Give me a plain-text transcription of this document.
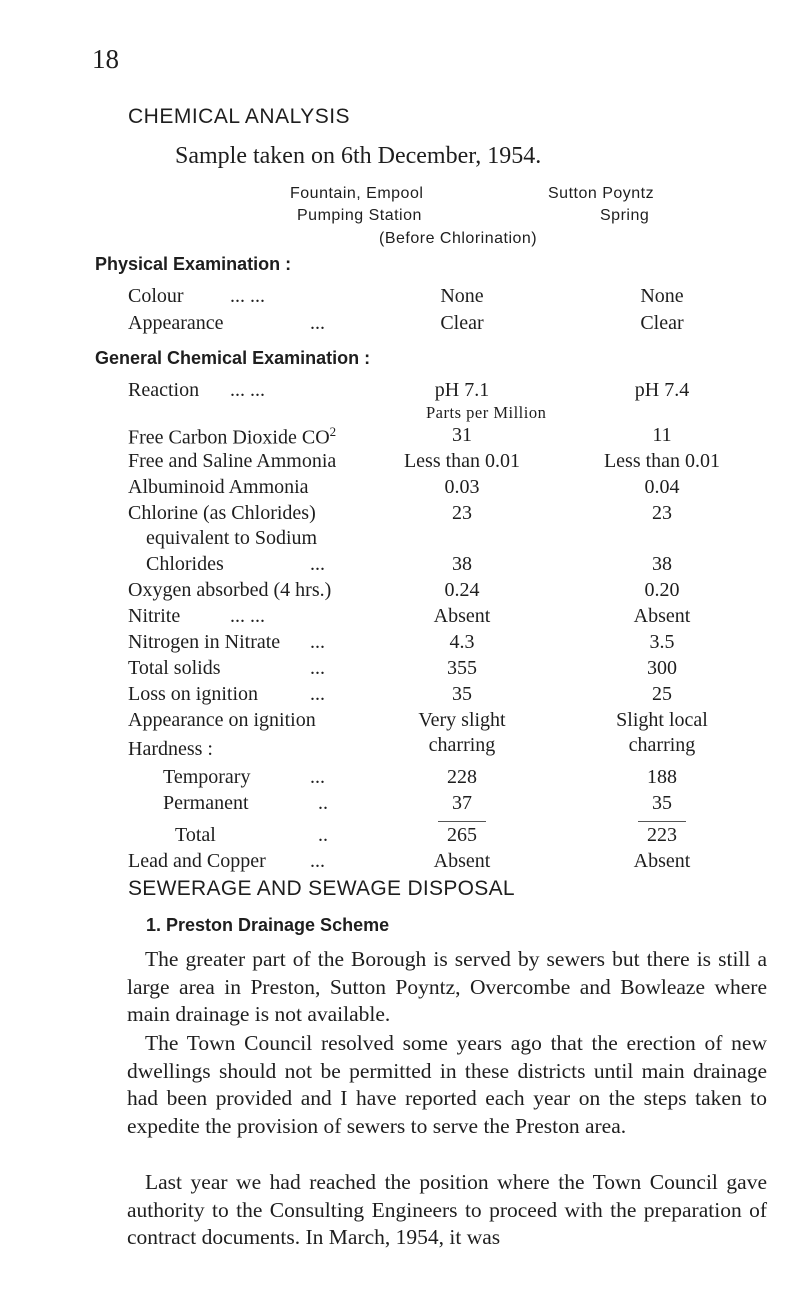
18
CHEMICAL ANALYSIS
Sample taken on 6th December, 1954.
Fountain, Empool
Pumping Station
Sutton Poyntz
Spring
(Before Chlorination)
Physical Examination :
Colour ... ...	None	None
Appearance	...	Clear	Clear
General Chemical Examination :
Reaction ... ...	pH 7.1	pH 7.4
Parts per Million
Free Carbon Dioxide $CO^2$	31	11
Free and Saline Ammonia	Less than 0.01	Less than 0.01
Albuminoid Ammonia	0.03	0.04
Chlorine (as Chlorides)	23	23
equivalent to Sodium
Chlorides	...	38	38
Oxygen absorbed (4 hrs.)	0.24	0.20
Nitrite ... ...	Absent	Absent
Nitrogen in Nitrate ...	4.3	3.5
Total solids	...	355	300
Loss on ignition	...	35	25
Appearance on ignition	Very slight	Slight local
charring	charring
Hardness :
Temporary	...	228	188
Permanent	..	37	35
Total	..	265	223
Lead and Copper ...	Absent	Absent
SEWERAGE AND SEWAGE DISPOSAL
1. Preston Drainage Scheme

The greater part of the Borough is served by sewers but there is still a large area in Preston, Sutton Poyntz, Overcombe and Bowleaze where main drainage is not available.

The Town Council resolved some years ago that the erection of new dwellings should not be permitted in these districts until main drainage had been provided and I have reported each year on the steps taken to expedite the provision of sewers to serve the Preston area.

Last year we had reached the position where the Town Council gave authority to the Consulting Engineers to proceed with the preparation of contract documents. In March, 1954, it was
